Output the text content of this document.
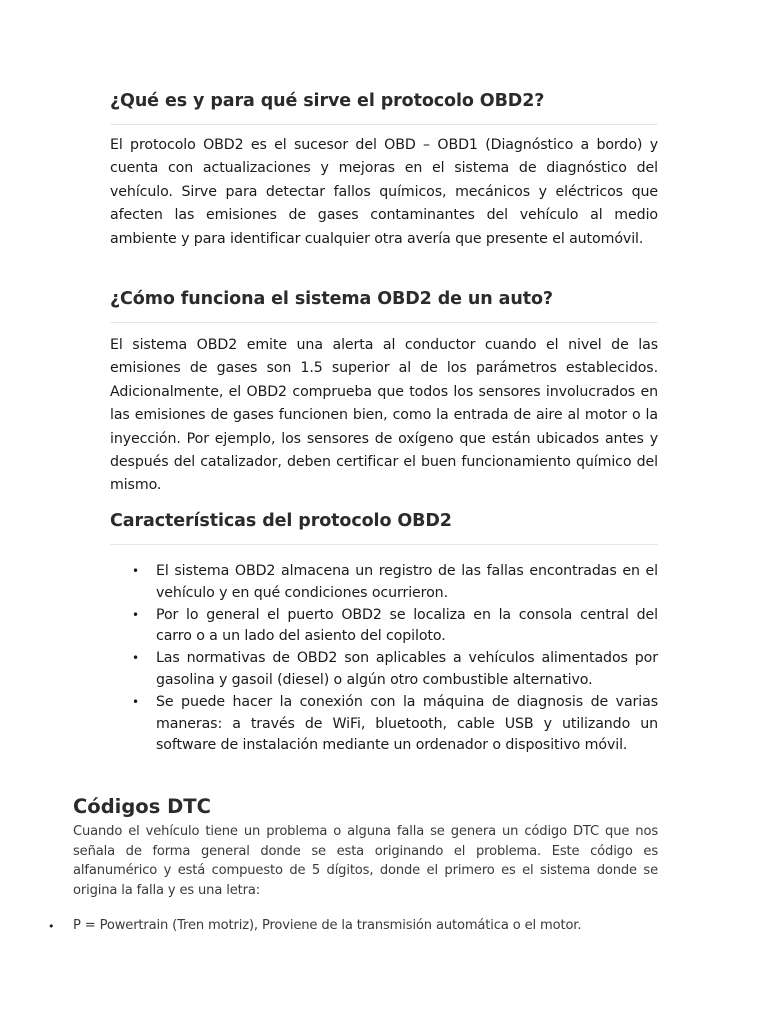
¿Qué es y para qué sirve el protocolo OBD2?

El protocolo OBD2 es el sucesor del OBD – OBD1 (Diagnóstico a bordo) y cuenta con actualizaciones y mejoras en el sistema de diagnóstico del vehículo. Sirve para detectar fallos químicos, mecánicos y eléctricos que afecten las emisiones de gases contaminantes del vehículo al medio ambiente y para identificar cualquier otra avería que presente el automóvil.

¿Cómo funciona el sistema OBD2 de un auto?

El sistema OBD2 emite una alerta al conductor cuando el nivel de las emisiones de gases son 1.5 superior al de los parámetros establecidos. Adicionalmente, el OBD2 comprueba que todos los sensores involucrados en las emisiones de gases funcionen bien, como la entrada de aire al motor o la inyección. Por ejemplo, los sensores de oxígeno que están ubicados antes y después del catalizador, deben certificar el buen funcionamiento químico del mismo.

Características del protocolo OBD2
• El sistema OBD2 almacena un registro de las fallas encontradas en el vehículo y en qué condiciones ocurrieron.
• Por lo general el puerto OBD2 se localiza en la consola central del carro o a un lado del asiento del copiloto.
• Las normativas de OBD2 son aplicables a vehículos alimentados por gasolina y gasoil (diesel) o algún otro combustible alternativo.
• Se puede hacer la conexión con la máquina de diagnosis de varias maneras: a través de WiFi, bluetooth, cable USB y utilizando un software de instalación mediante un ordenador o dispositivo móvil.
Códigos DTC

Cuando el vehículo tiene un problema o alguna falla se genera un código DTC que nos señala de forma general donde se esta originando el problema. Este código es alfanumérico y está compuesto de 5 dígitos, donde el primero es el sistema donde se origina la falla y es una letra:

• P = Powertrain (Tren motriz), Proviene de la transmisión automática o el motor.
